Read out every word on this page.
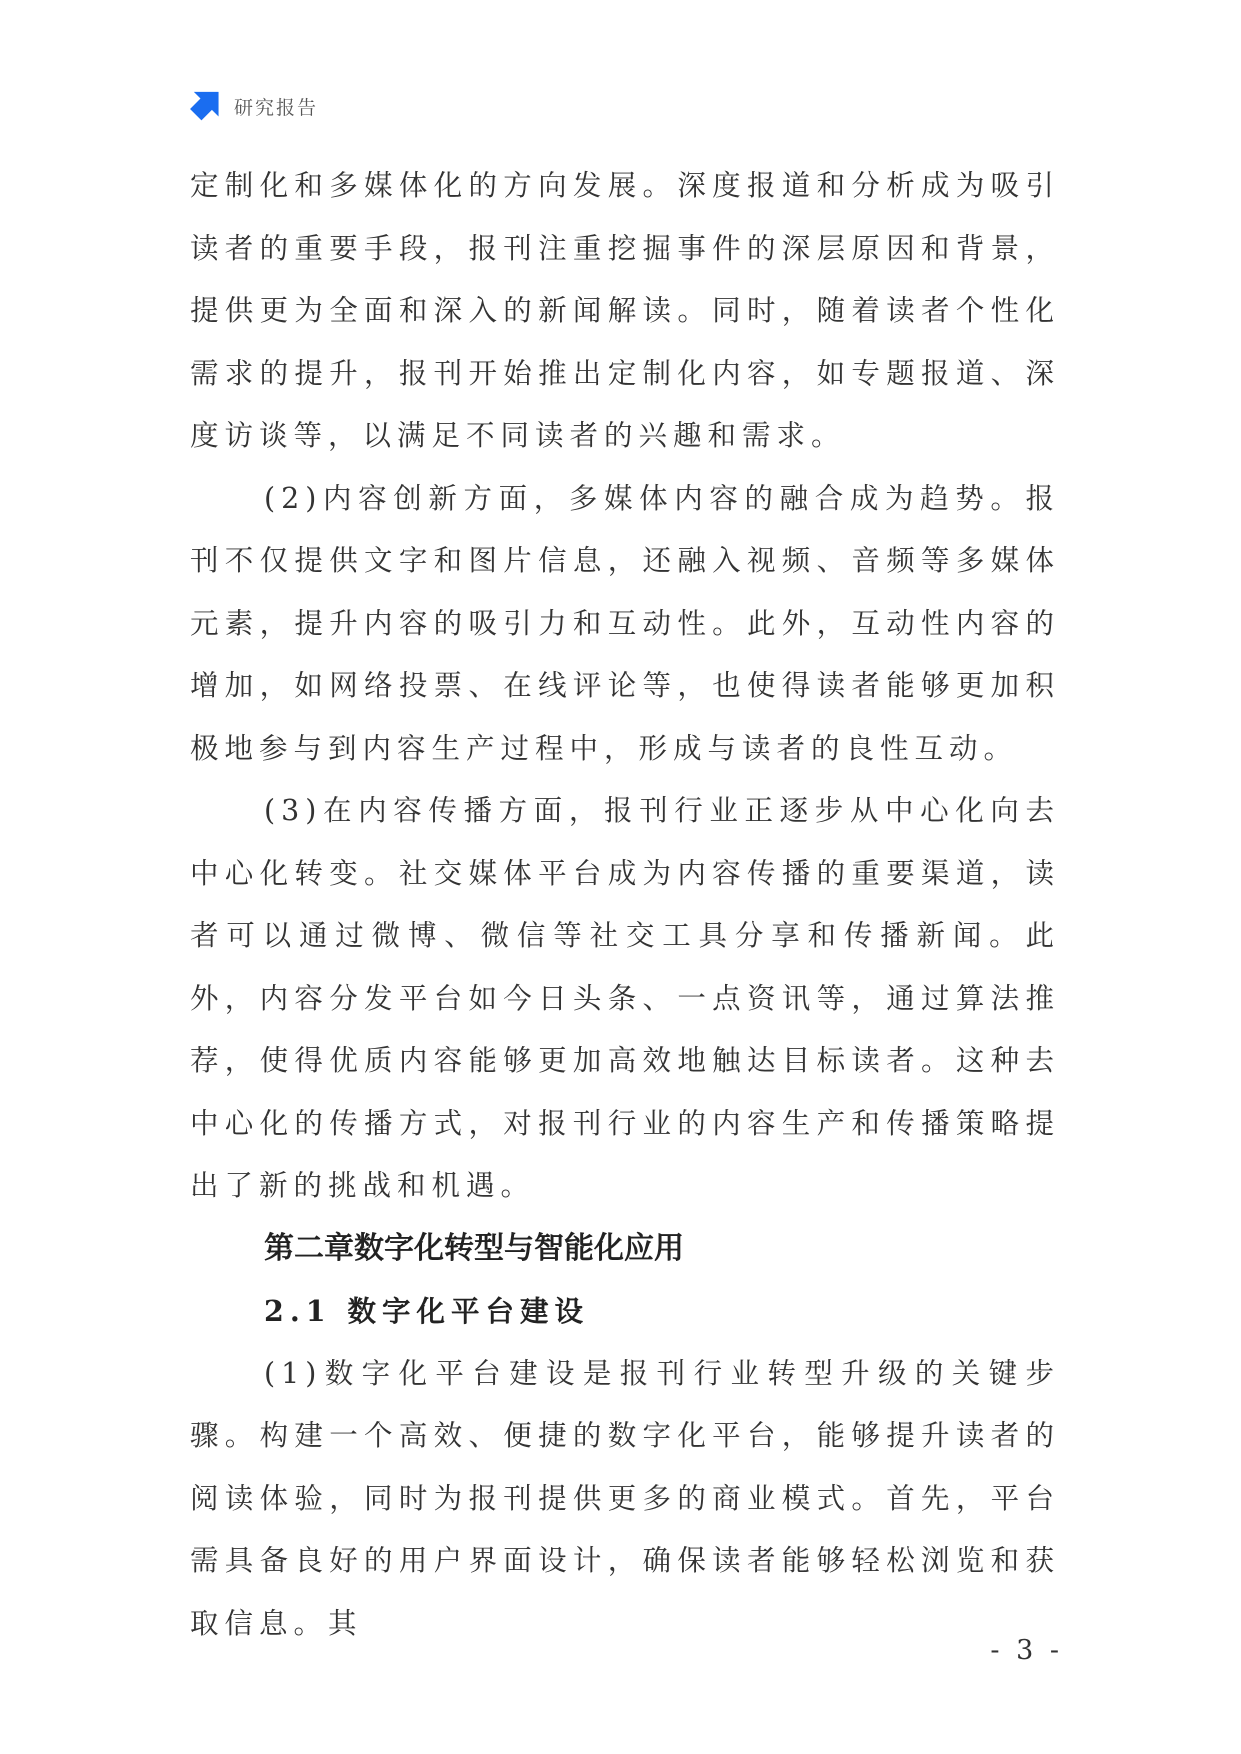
研究报告

定制化和多媒体化的方向发展。深度报道和分析成为吸引读者的重要手段，报刊注重挖掘事件的深层原因和背景，提供更为全面和深入的新闻解读。同时，随着读者个性化需求的提升，报刊开始推出定制化内容，如专题报道、深度访谈等，以满足不同读者的兴趣和需求。

(2)内容创新方面，多媒体内容的融合成为趋势。报刊不仅提供文字和图片信息，还融入视频、音频等多媒体元素，提升内容的吸引力和互动性。此外，互动性内容的增加，如网络投票、在线评论等，也使得读者能够更加积极地参与到内容生产过程中，形成与读者的良性互动。

(3)在内容传播方面，报刊行业正逐步从中心化向去中心化转变。社交媒体平台成为内容传播的重要渠道，读者可以通过微博、微信等社交工具分享和传播新闻。此外，内容分发平台如今日头条、一点资讯等，通过算法推荐，使得优质内容能够更加高效地触达目标读者。这种去中心化的传播方式，对报刊行业的内容生产和传播策略提出了新的挑战和机遇。

第二章数字化转型与智能化应用
2.1 数字化平台建设

(1)数字化平台建设是报刊行业转型升级的关键步骤。构建一个高效、便捷的数字化平台，能够提升读者的阅读体验，同时为报刊提供更多的商业模式。首先，平台需具备良好的用户界面设计，确保读者能够轻松浏览和获取信息。其

- 3 -
